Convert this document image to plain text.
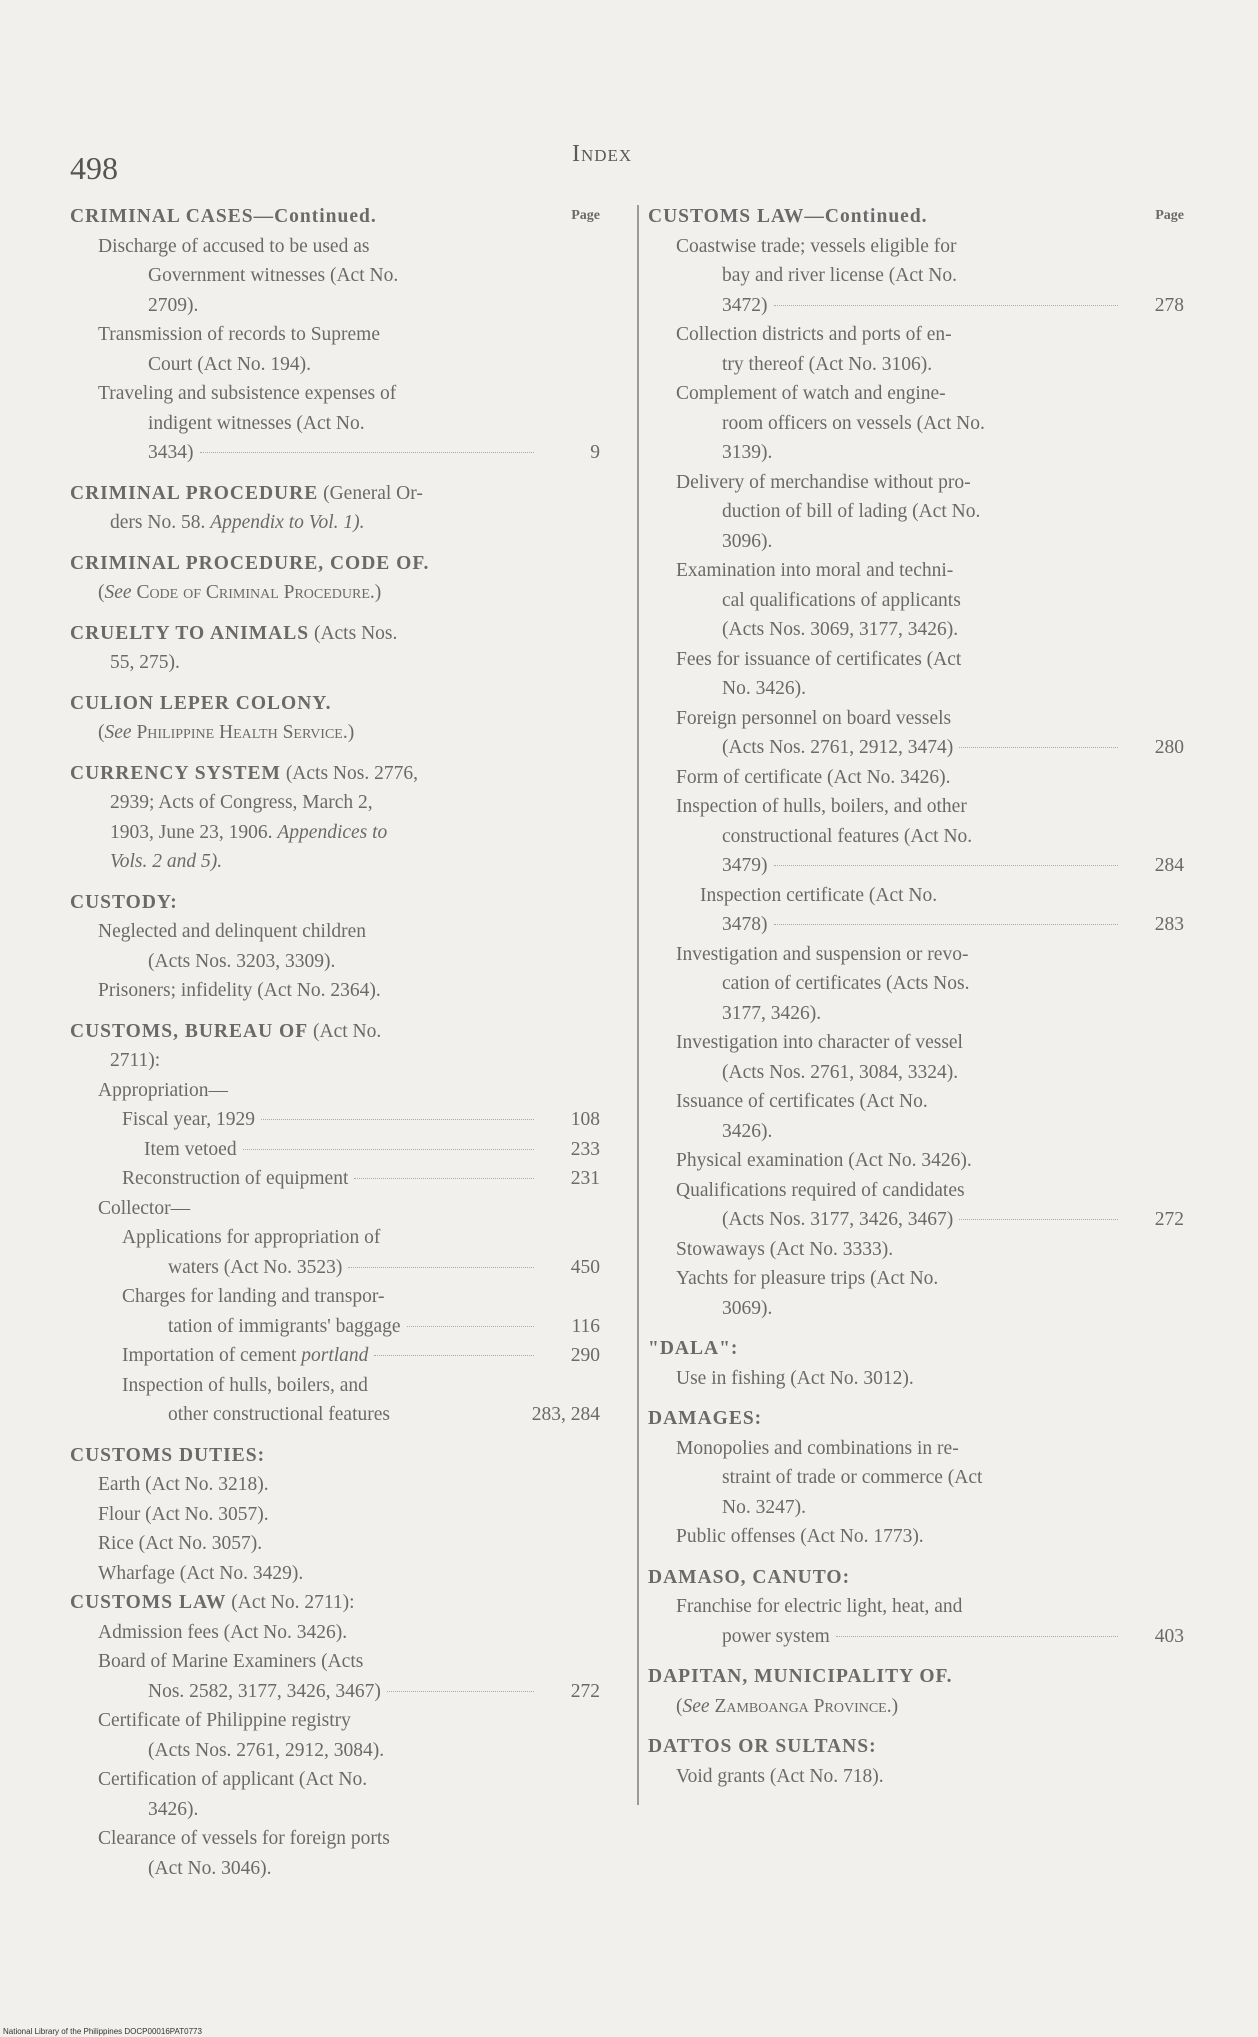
498	Index
Page
CRIMINAL CASES—Continued.
Discharge of accused to be used as
Government witnesses (Act No.
2709).
Transmission of records to Supreme
Court (Act No. 194).
Traveling and subsistence expenses of
indigent witnesses (Act No.
3434)	9
CRIMINAL PROCEDURE (General Or-
ders No. 58. Appendix to Vol. 1).
CRIMINAL PROCEDURE, CODE OF.
(See Code of Criminal Procedure.)
CRUELTY TO ANIMALS (Acts Nos.
55, 275).
CULION LEPER COLONY.
(See Philippine Health Service.)
CURRENCY SYSTEM (Acts Nos. 2776,
2939; Acts of Congress, March 2,
1903, June 23, 1906. Appendices to
Vols. 2 and 5).
CUSTODY:
Neglected and delinquent children
(Acts Nos. 3203, 3309).
Prisoners; infidelity (Act No. 2364).
CUSTOMS, BUREAU OF (Act No.
2711):
Appropriation—
Fiscal year, 1929	108
Item vetoed	233
Reconstruction of equipment	231
Collector—
Applications for appropriation of
waters (Act No. 3523)	450
Charges for landing and transpor-
tation of immigrants' baggage	116
Importation of cement portland	290
Inspection of hulls, boilers, and
other constructional features	283, 284
CUSTOMS DUTIES:
Earth (Act No. 3218).
Flour (Act No. 3057).
Rice (Act No. 3057).
Wharfage (Act No. 3429).
CUSTOMS LAW (Act No. 2711):
Admission fees (Act No. 3426).
Board of Marine Examiners (Acts
Nos. 2582, 3177, 3426, 3467)	272
Certificate of Philippine registry
(Acts Nos. 2761, 2912, 3084).
Certification of applicant (Act No.
3426).
Clearance of vessels for foreign ports
(Act No. 3046).
Page
CUSTOMS LAW—Continued.
Coastwise trade; vessels eligible for
bay and river license (Act No.
3472)	278
Collection districts and ports of en-
try thereof (Act No. 3106).
Complement of watch and engine-
room officers on vessels (Act No.
3139).
Delivery of merchandise without pro-
duction of bill of lading (Act No.
3096).
Examination into moral and techni-
cal qualifications of applicants
(Acts Nos. 3069, 3177, 3426).
Fees for issuance of certificates (Act
No. 3426).
Foreign personnel on board vessels
(Acts Nos. 2761, 2912, 3474)	280
Form of certificate (Act No. 3426).
Inspection of hulls, boilers, and other
constructional features (Act No.
3479)	284
Inspection certificate (Act No.
3478)	283
Investigation and suspension or revo-
cation of certificates (Acts Nos.
3177, 3426).
Investigation into character of vessel
(Acts Nos. 2761, 3084, 3324).
Issuance of certificates (Act No.
3426).
Physical examination (Act No. 3426).
Qualifications required of candidates
(Acts Nos. 3177, 3426, 3467)	272
Stowaways (Act No. 3333).
Yachts for pleasure trips (Act No.
3069).
"DALA":
Use in fishing (Act No. 3012).
DAMAGES:
Monopolies and combinations in re-
straint of trade or commerce (Act
No. 3247).
Public offenses (Act No. 1773).
DAMASO, CANUTO:
Franchise for electric light, heat, and
power system	403
DAPITAN, MUNICIPALITY OF.
(See Zamboanga Province.)
DATTOS OR SULTANS:
Void grants (Act No. 718).
National Library of the Philippines DOCP00016PAT0773
